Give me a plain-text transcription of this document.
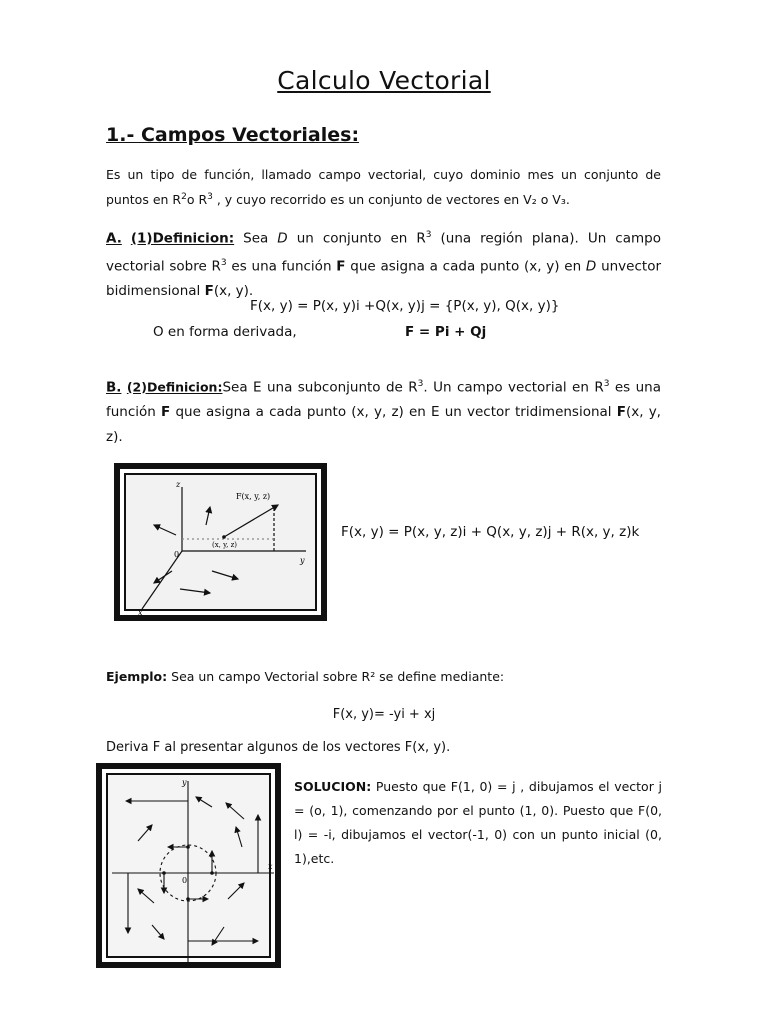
Calculo Vectorial
1.- Campos Vectoriales:
Es un tipo de función, llamado campo vectorial, cuyo dominio mes un conjunto de puntos en $R^2o$ $R^3$ , y cuyo recorrido es un conjunto de vectores en V₂ o V₃.
A. (1)Definicion: Sea D un conjunto en $R^3$ (una región plana). Un campo vectorial sobre $R^3$ es una función F que asigna a cada punto (x, y) en D unvector bidimensional F(x, y).
F(x, y) = P(x, y)i +Q(x, y)j = {P(x, y), Q(x, y)}
O en forma derivada,	F = Pi + Qj
B. (2)Definicion:Sea E una subconjunto de $R^3$. Un campo vectorial en $R^3$ es una función F que asigna a cada punto (x, y, z) en E un vector tridimensional F(x, y, z).
F(x, y, z)
(x, y, z)
z
y
x
0
F(x, y) = P(x, y, z)i + Q(x, y, z)j + R(x, y, z)k
Ejemplo: Sea un campo Vectorial sobre R² se define mediante:
F(x, y)= -yi + xj
Deriva F al presentar algunos de los vectores F(x, y).
y
x
0
SOLUCION: Puesto que F(1, 0) = j , dibujamos el vector j = (o, 1), comenzando por el punto (1, 0). Puesto que F(0, l) = -i, dibujamos el vector(-1, 0) con un punto inicial (0, 1),etc.
